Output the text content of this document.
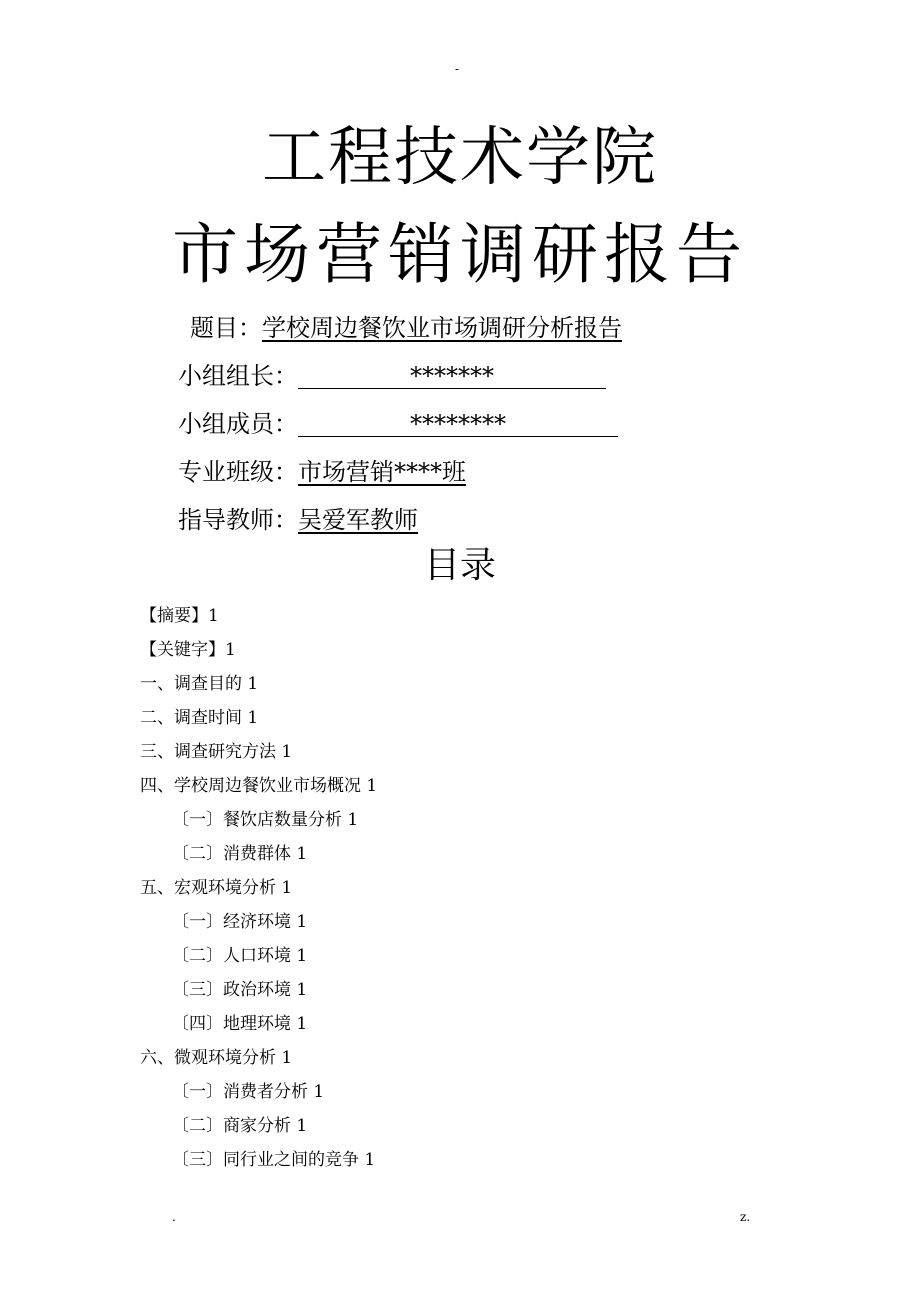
-
工程技术学院
市场营销调研报告
题目：学校周边餐饮业市场调研分析报告
小组组长：	*******
小组成员：	********
专业班级：市场营销****班
指导教师：吴爱军教师
目录
【摘要】1
【关键字】1
一、调查目的 1
二、调查时间 1
三、调查研究方法 1
四、学校周边餐饮业市场概况 1
〔一〕餐饮店数量分析 1
〔二〕消费群体 1
五、宏观环境分析 1
〔一〕经济环境 1
〔二〕人口环境 1
〔三〕政治环境 1
〔四〕地理环境 1
六、微观环境分析 1
〔一〕消费者分析 1
〔二〕商家分析 1
〔三〕同行业之间的竞争 1
.	z.
